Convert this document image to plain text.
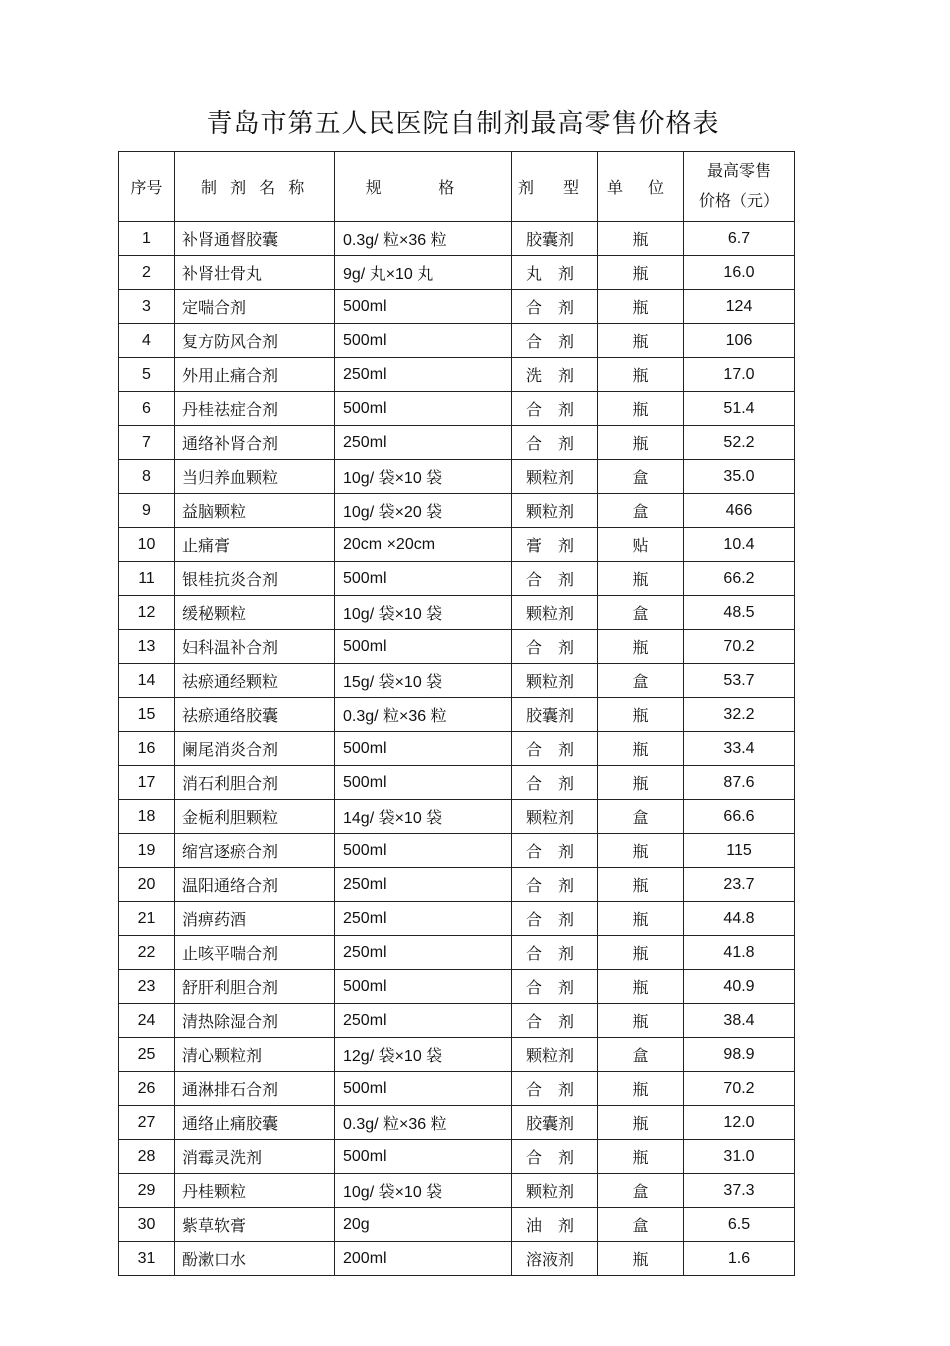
青岛市第五人民医院自制剂最高零售价格表
序号	制 剂 名 称	规 格	剂 型	单 位	最高零售
价格（元）

1	补肾通督胶囊	0.3g/ 粒×36 粒	胶囊剂	瓶	6.7
2	补肾壮骨丸	9g/ 丸×10 丸	丸　剂	瓶	16.0
3	定喘合剂	500ml	合　剂	瓶	124
4	复方防风合剂	500ml	合　剂	瓶	106
5	外用止痛合剂	250ml	洗　剂	瓶	17.0
6	丹桂祛症合剂	500ml	合　剂	瓶	51.4
7	通络补肾合剂	250ml	合　剂	瓶	52.2
8	当归养血颗粒	10g/ 袋×10 袋	颗粒剂	盒	35.0
9	益脑颗粒	10g/ 袋×20 袋	颗粒剂	盒	466
10	止痛膏	20cm ×20cm	膏　剂	贴	10.4
11	银桂抗炎合剂	500ml	合　剂	瓶	66.2
12	缓秘颗粒	10g/ 袋×10 袋	颗粒剂	盒	48.5
13	妇科温补合剂	500ml	合　剂	瓶	70.2
14	祛瘀通经颗粒	15g/ 袋×10 袋	颗粒剂	盒	53.7
15	祛瘀通络胶囊	0.3g/ 粒×36 粒	胶囊剂	瓶	32.2
16	阑尾消炎合剂	500ml	合　剂	瓶	33.4
17	消石利胆合剂	500ml	合　剂	瓶	87.6
18	金栀利胆颗粒	14g/ 袋×10 袋	颗粒剂	盒	66.6
19	缩宫逐瘀合剂	500ml	合　剂	瓶	115
20	温阳通络合剂	250ml	合　剂	瓶	23.7
21	消痹药酒	250ml	合　剂	瓶	44.8
22	止咳平喘合剂	250ml	合　剂	瓶	41.8
23	舒肝利胆合剂	500ml	合　剂	瓶	40.9
24	清热除湿合剂	250ml	合　剂	瓶	38.4
25	清心颗粒剂	12g/ 袋×10 袋	颗粒剂	盒	98.9
26	通淋排石合剂	500ml	合　剂	瓶	70.2
27	通络止痛胶囊	0.3g/ 粒×36 粒	胶囊剂	瓶	12.0
28	消霉灵洗剂	500ml	合　剂	瓶	31.0
29	丹桂颗粒	10g/ 袋×10 袋	颗粒剂	盒	37.3
30	紫草软膏	20g	油　剂	盒	6.5
31	酚漱口水	200ml	溶液剂	瓶	1.6
